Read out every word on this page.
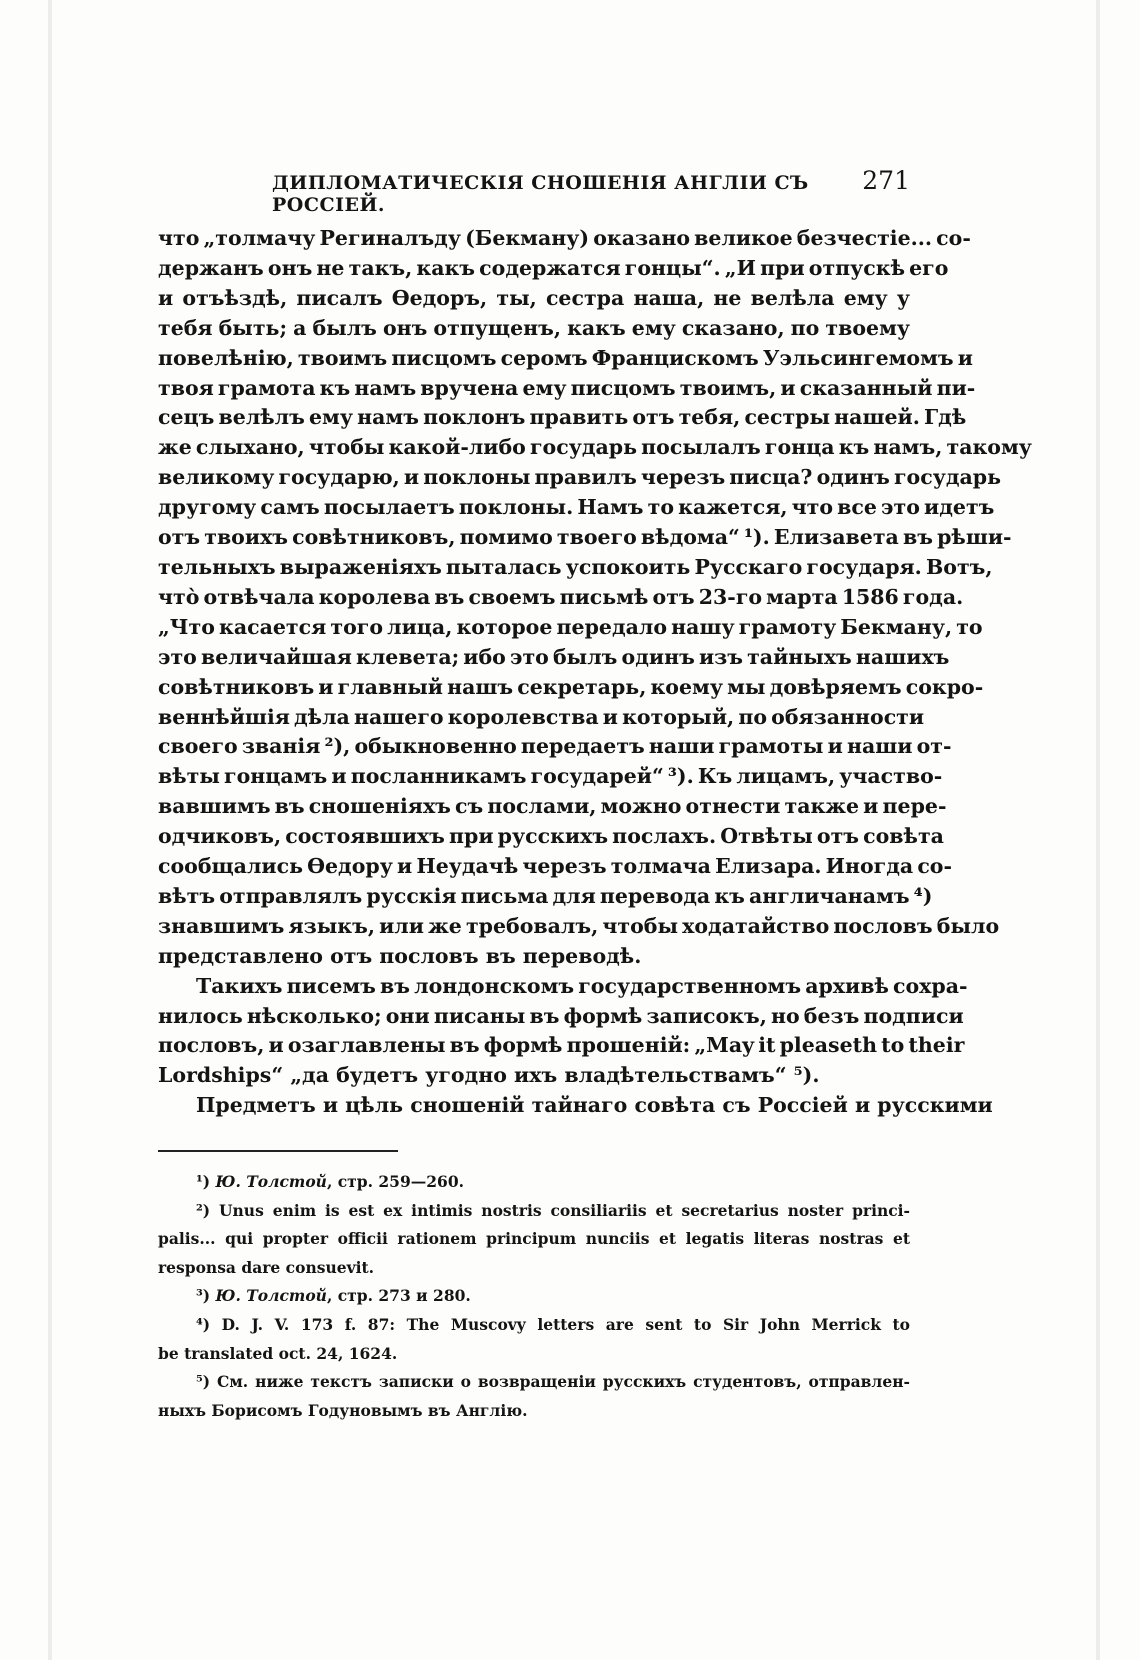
ДИПЛОМАТИЧЕСКІЯ СНОШЕНІЯ АНГЛІИ СЪ РОССІЕЙ.
271
что „толмачу Региналъду (Бекману) оказано великое безчестіе... со-
держанъ онъ не такъ, какъ содержатся гонцы“. „И при отпускѣ его
и отъѣздѣ, писалъ Ѳедоръ, ты, сестра наша, не велѣла ему у
тебя быть; а былъ онъ отпущенъ, какъ ему сказано, по твоему
повелѣнію, твоимъ писцомъ серомъ Францискомъ Уэльсингемомъ и
твоя грамота къ намъ вручена ему писцомъ твоимъ, и сказанный пи-
сецъ велѣлъ ему намъ поклонъ править отъ тебя, сестры нашей. Гдѣ
же слыхано, чтобы какой-либо государь посылалъ гонца къ намъ, такому
великому государю, и поклоны правилъ черезъ писца? одинъ государь
другому самъ посылаетъ поклоны. Намъ то кажется, что все это идетъ
отъ твоихъ совѣтниковъ, помимо твоего вѣдома“ ¹). Елизавета въ рѣши-
тельныхъ выраженіяхъ пыталась успокоить Русскаго государя. Вотъ,
что̀ отвѣчала королева въ своемъ письмѣ отъ 23-го марта 1586 года.
„Что касается того лица, которое передало нашу грамоту Бекману, то
это величайшая клевета; ибо это былъ одинъ изъ тайныхъ нашихъ
совѣтниковъ и главный нашъ секретарь, коему мы довѣряемъ сокро-
веннѣйшія дѣла нашего королевства и который, по обязанности
своего званія ²), обыкновенно передаетъ наши грамоты и наши от-
вѣты гонцамъ и посланникамъ государей“ ³). Къ лицамъ, участво-
вавшимъ въ сношеніяхъ съ послами, можно отнести также и пере-
одчиковъ, состоявшихъ при русскихъ послахъ. Отвѣты отъ совѣта
сообщались Ѳедору и Неудачѣ черезъ толмача Елизара. Иногда со-
вѣтъ отправлялъ русскія письма для перевода къ англичанамъ ⁴)
знавшимъ языкъ, или же требовалъ, чтобы ходатайство пословъ было
представлено отъ пословъ въ переводѣ.
Такихъ писемъ въ лондонскомъ государственномъ архивѣ сохра-
нилось нѣсколько; они писаны въ формѣ записокъ, но безъ подписи
пословъ, и озаглавлены въ формѣ прошеній: „May it pleaseth to their
Lordships“ „да будетъ угодно ихъ владѣтельствамъ“ ⁵).
Предметъ и цѣль сношеній тайнаго совѣта съ Россіей и русскими
¹) Ю. Толстой, стр. 259—260.
²) Unus enim is est ex intimis nostris consiliariis et secretarius noster princi-
palis... qui propter officii rationem principum nunciis et legatis literas nostras et
responsa dare consuevit.
³) Ю. Толстой, стр. 273 и 280.
⁴) D. J. V. 173 f. 87: The Muscovy letters are sent to Sir John Merrick to
be translated oct. 24, 1624.
⁵) См. ниже текстъ записки о возвращеніи русскихъ студентовъ, отправлен-
ныхъ Борисомъ Годуновымъ въ Англію.
